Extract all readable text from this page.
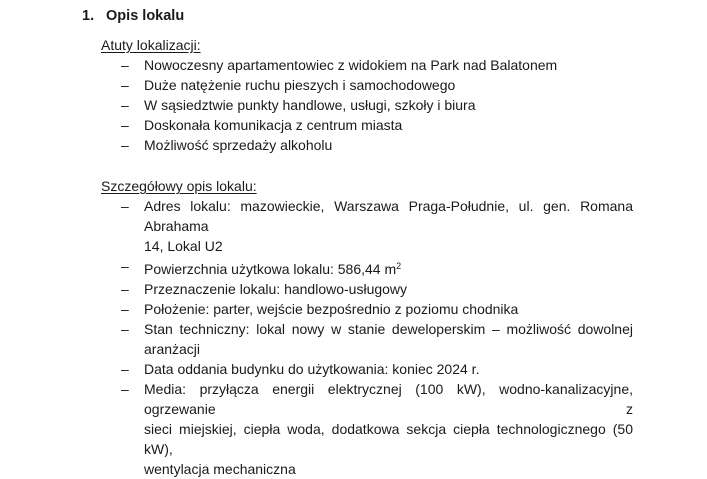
1. Opis lokalu
Atuty lokalizacji:
– Nowoczesny apartamentowiec z widokiem na Park nad Balatonem
– Duże natężenie ruchu pieszych i samochodowego
– W sąsiedztwie punkty handlowe, usługi, szkoły i biura
– Doskonała komunikacja z centrum miasta
– Możliwość sprzedaży alkoholu
Szczegółowy opis lokalu:
– Adres lokalu: mazowieckie, Warszawa Praga-Południe, ul. gen. Romana Abrahama
14, Lokal U2
– Powierzchnia użytkowa lokalu: 586,44 $m^2$
– Przeznaczenie lokalu: handlowo-usługowy
– Położenie: parter, wejście bezpośrednio z poziomu chodnika
– Stan techniczny: lokal nowy w stanie deweloperskim – możliwość dowolnej
aranżacji
– Data oddania budynku do użytkowania: koniec 2024 r.
– Media: przyłącza energii elektrycznej (100 kW), wodno-kanalizacyjne, ogrzewanie z
sieci miejskiej, ciepła woda, dodatkowa sekcja ciepła technologicznego (50 kW),
wentylacja mechaniczna
